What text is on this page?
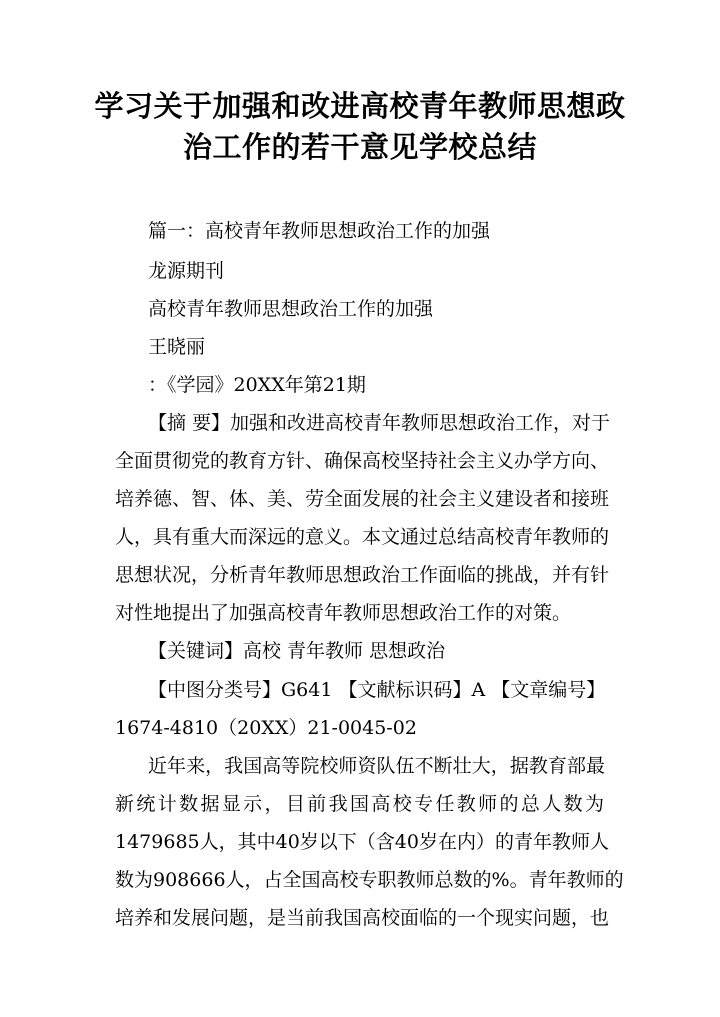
学习关于加强和改进高校青年教师思想政
治工作的若干意见学校总结
篇一：高校青年教师思想政治工作的加强
龙源期刊
高校青年教师思想政治工作的加强
王晓丽
：《学园》20XX年第21期
【摘 要】加强和改进高校青年教师思想政治工作，对于
全面贯彻党的教育方针、确保高校坚持社会主义办学方向、
培养德、智、体、美、劳全面发展的社会主义建设者和接班
人，具有重大而深远的意义。本文通过总结高校青年教师的
思想状况，分析青年教师思想政治工作面临的挑战，并有针
对性地提出了加强高校青年教师思想政治工作的对策。
【关键词】高校 青年教师 思想政治
【中图分类号】G641 【文献标识码】A 【文章编号】
1674-4810（20XX）21-0045-02
近年来，我国高等院校师资队伍不断壮大，据教育部最
新统计数据显示，目前我国高校专任教师的总人数为
1479685人，其中40岁以下（含40岁在内）的青年教师人
数为908666人，占全国高校专职教师总数的%。青年教师的
培养和发展问题，是当前我国高校面临的一个现实问题，也
